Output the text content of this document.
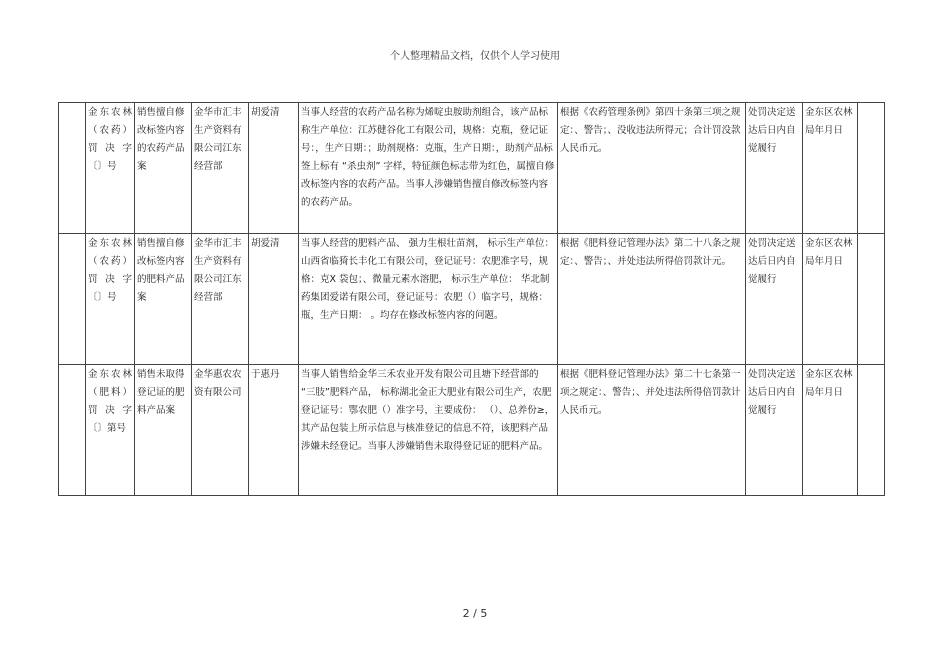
个人整理精品文档，仅供个人学习使用
	金东农林（农药）罚决字 〔〕号	销售擅自修改标签内容的农药产品案	金华市汇丰生产资料有限公司江东经营部	胡爱清	当事人经营的农药产品名称为烯啶虫胺助剂组合，该产品标称生产单位：江苏健谷化工有限公司，规格：克瓶，登记证号：，生产日期：；助剂规格：克瓶，生产日期：，助剂产品标签上标有 “杀虫剂” 字样，特征颜色标志带为红色，属擅自修改标签内容的农药产品。当事人涉嫌销售擅自修改标签内容的农药产品。	根据《农药管理条例》第四十条第三项之规定：、警告；、没收违法所得元；合计罚没款人民币元。	处罚决定送达后日内自觉履行	金东区农林局年月日	
	金东农林（农药）罚决字 〔〕号	销售擅自修改标签内容的肥料产品案	金华市汇丰生产资料有限公司江东经营部	胡爱清	当事人经营的肥料产品、 强力生根壮苗剂， 标示生产单位：山西省临猗长丰化工有限公司，登记证号：农肥准字号，规格：克X 袋包；、微量元素水溶肥， 标示生产单位： 华北制药集团爱诺有限公司，登记证号：农肥（）临字号，规格：瓶，生产日期： 。均存在修改标签内容的问题。	根据《肥料登记管理办法》第二十八条之规定：、警告；、并处违法所得倍罚款计元。	处罚决定送达后日内自觉履行	金东区农林局年月日	
	金东农林（肥料）罚决字 〔〕第号	销售未取得登记证的肥料产品案	金华惠农农资有限公司	于惠丹	当事人销售给金华三禾农业开发有限公司且塘下经营部的 “三肢”肥料产品， 标称湖北金正大肥业有限公司生产，农肥登记证号：鄂农肥（）准字号，主要成份： （）、总养份≥，其产品包装上所示信息与核准登记的信息不符，该肥料产品涉嫌未经登记。当事人涉嫌销售未取得登记证的肥料产品。	根据《肥料登记管理办法》第二十七条第一项之规定：、警告；、并处违法所得倍罚款计人民币元。	处罚决定送达后日内自觉履行	金东区农林局年月日	
2 / 5
